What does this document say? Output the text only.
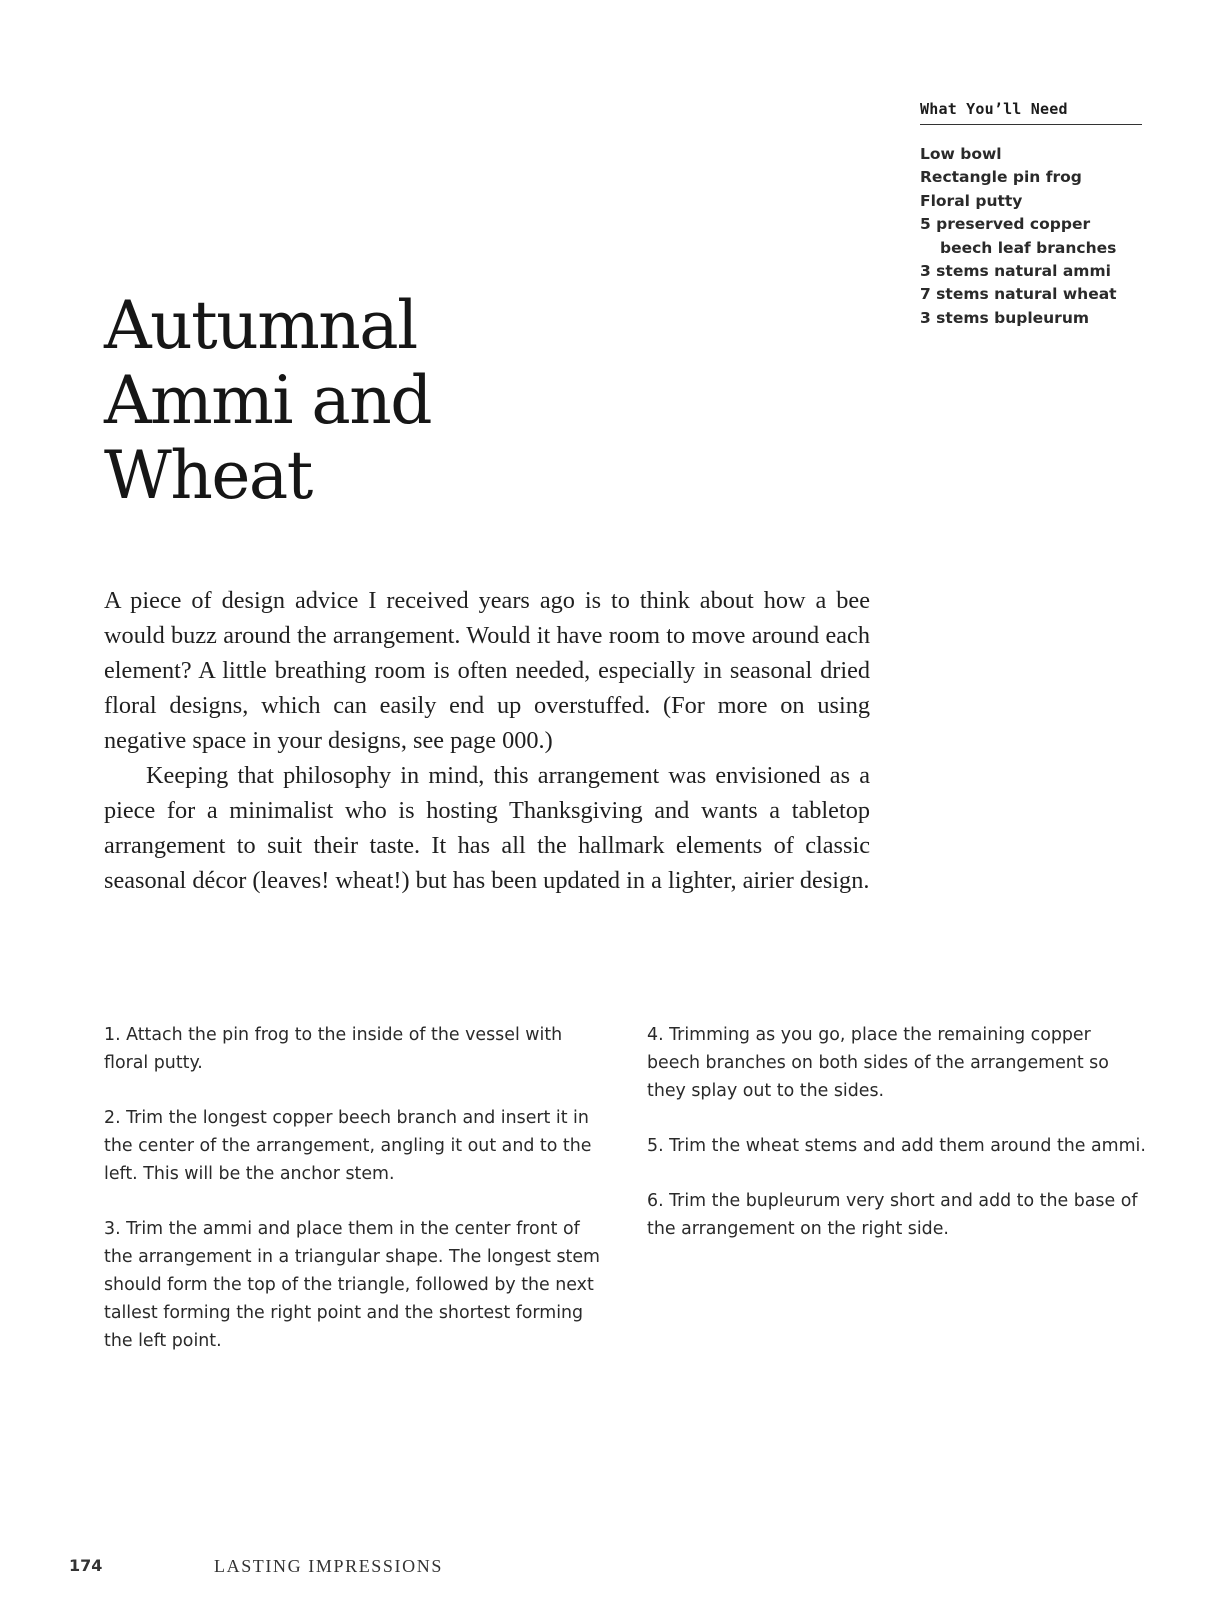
What You’ll Need
Low bowl
Rectangle pin frog
Floral putty
5 preserved copper beech leaf branches
3 stems natural ammi
7 stems natural wheat
3 stems bupleurum
Autumnal
Ammi and
Wheat

A piece of design advice I received years ago is to think about how a bee would buzz around the arrangement. Would it have room to move around each element? A little breathing room is often needed, especially in seasonal dried floral designs, which can easily end up overstuffed. (For more on using negative space in your designs, see page 000.)

Keeping that philosophy in mind, this arrangement was envisioned as a piece for a minimalist who is hosting Thanksgiving and wants a tabletop arrangement to suit their taste. It has all the hallmark elements of classic seasonal décor (leaves! wheat!) but has been updated in a lighter, airier design.

1. Attach the pin frog to the inside of the vessel with floral putty.

2. Trim the longest copper beech branch and insert it in the center of the arrangement, angling it out and to the left. This will be the anchor stem.

3. Trim the ammi and place them in the center front of the arrangement in a triangular shape. The longest stem should form the top of the triangle, followed by the next tallest forming the right point and the shortest forming the left point.

4. Trimming as you go, place the remaining copper beech branches on both sides of the arrangement so they splay out to the sides.

5. Trim the wheat stems and add them around the ammi.

6. Trim the bupleurum very short and add to the base of the arrangement on the right side.

174	LASTING IMPRESSIONS
